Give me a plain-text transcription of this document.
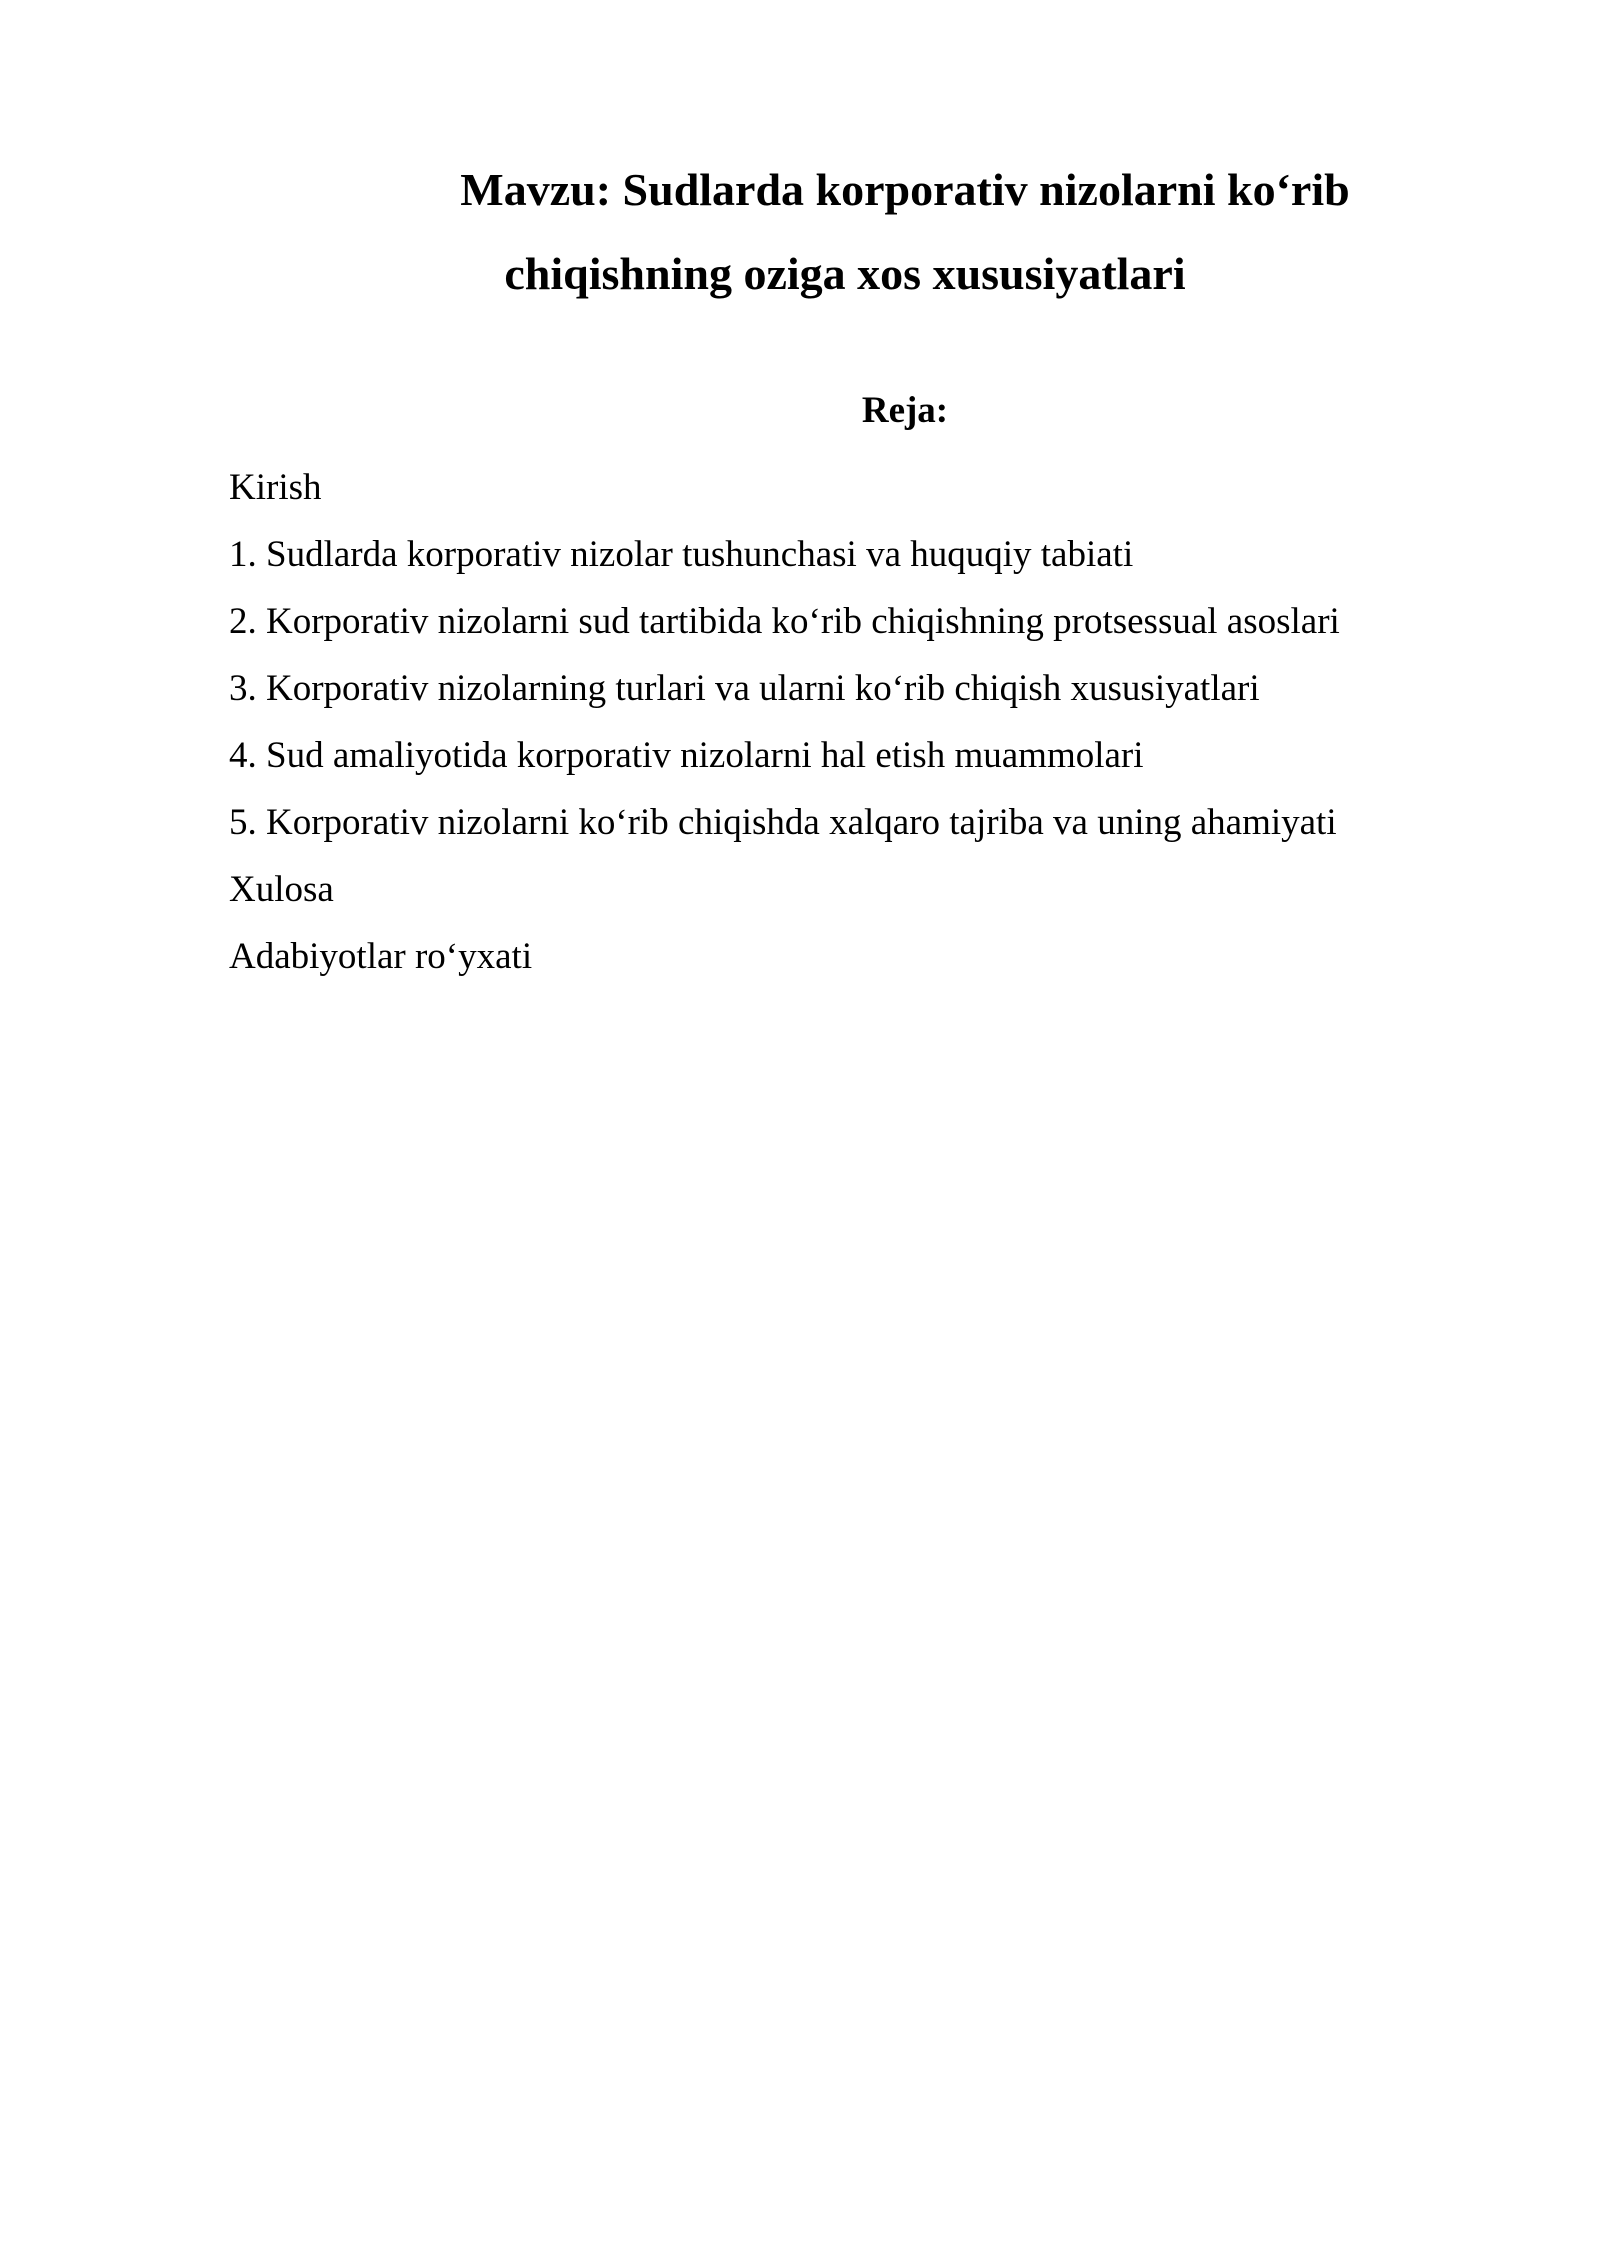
Mavzu: Sudlarda korporativ nizolarni ko‘rib
chiqishning oziga xos xususiyatlari
Reja:
Kirish
1. Sudlarda korporativ nizolar tushunchasi va huquqiy tabiati
2. Korporativ nizolarni sud tartibida ko‘rib chiqishning protsessual asoslari
3. Korporativ nizolarning turlari va ularni ko‘rib chiqish xususiyatlari
4. Sud amaliyotida korporativ nizolarni hal etish muammolari
5. Korporativ nizolarni ko‘rib chiqishda xalqaro tajriba va uning ahamiyati
Xulosa
Adabiyotlar ro‘yxati
